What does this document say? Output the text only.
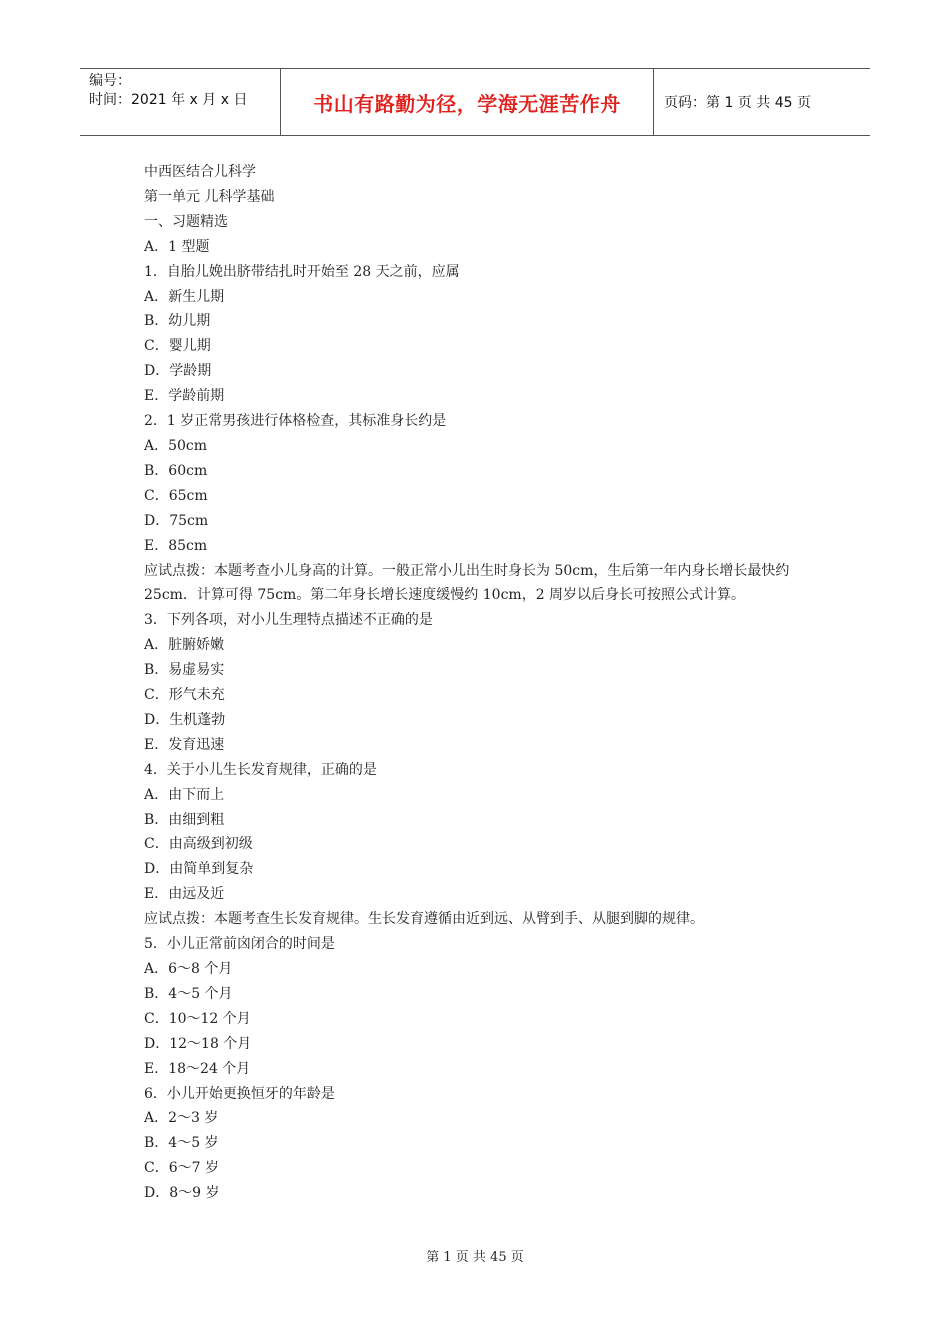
编号：
时间：2021 年 x 月 x 日	书山有路勤为径，学海无涯苦作舟	页码：第 1 页 共 45 页

中西医结合儿科学

第一单元 儿科学基础

一、习题精选

A．1 型题

1．自胎儿娩出脐带结扎时开始至 28 天之前，应属

A．新生儿期

B．幼儿期

C．婴儿期

D．学龄期

E．学龄前期

2．1 岁正常男孩进行体格检查，其标准身长约是

A．50cm

B．60cm

C．65cm

D．75cm

E．85cm

应试点拨：本题考查小儿身高的计算。一般正常小儿出生时身长为 50cm，生后第一年内身长增长最快约 25cm．计算可得 75cm。第二年身长增长速度缓慢约 10cm，2 周岁以后身长可按照公式计算。

3．下列各项，对小儿生理特点描述不正确的是

A．脏腑娇嫩

B．易虚易实

C．形气未充

D．生机蓬勃

E．发育迅速

4．关于小儿生长发育规律，正确的是

A．由下而上

B．由细到粗

C．由高级到初级

D．由简单到复杂

E．由远及近

应试点拨：本题考查生长发育规律。生长发育遵循由近到远、从臂到手、从腿到脚的规律。

5．小儿正常前囟闭合的时间是

A．6～8 个月

B．4～5 个月

C．10～12 个月

D．12～18 个月

E．18～24 个月

6．小儿开始更换恒牙的年龄是

A．2～3 岁

B．4～5 岁

C．6～7 岁

D．8～9 岁

第 1 页 共 45 页
